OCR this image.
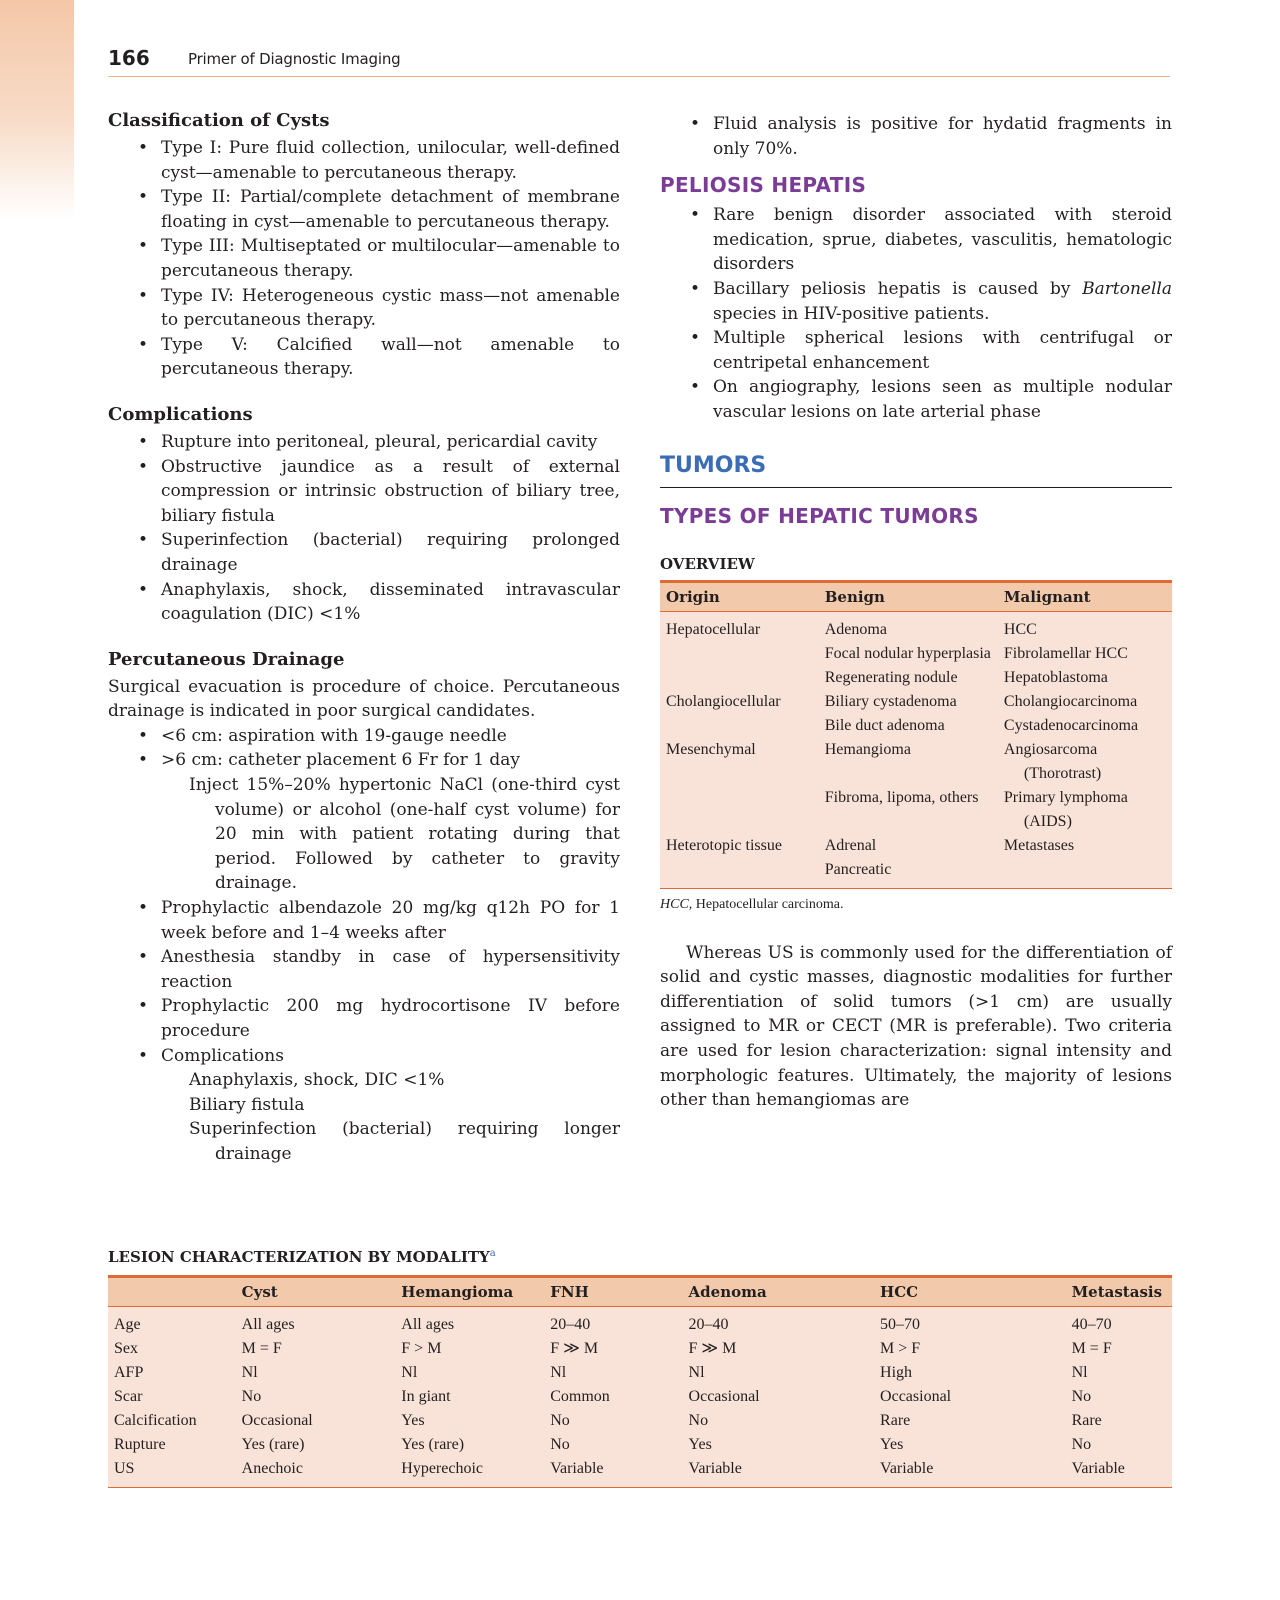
166	Primer of Diagnostic Imaging
Classification of Cysts
• Type I: Pure fluid collection, unilocular, well-defined cyst—amenable to percutaneous therapy.
• Type II: Partial/complete detachment of membrane floating in cyst—amenable to percutaneous therapy.
• Type III: Multiseptated or multilocular—amenable to percutaneous therapy.
• Type IV: Heterogeneous cystic mass—not amenable to percutaneous therapy.
• Type V: Calcified wall—not amenable to percutaneous therapy.
Complications
• Rupture into peritoneal, pleural, pericardial cavity
• Obstructive jaundice as a result of external compression or intrinsic obstruction of biliary tree, biliary fistula
• Superinfection (bacterial) requiring prolonged drainage
• Anaphylaxis, shock, disseminated intravascular coagulation (DIC) <1%
Percutaneous Drainage

Surgical evacuation is procedure of choice. Percutaneous drainage is indicated in poor surgical candidates.

• <6 cm: aspiration with 19-gauge needle
• >6 cm: catheter placement 6 Fr for 1 day
Inject 15%–20% hypertonic NaCl (one-third cyst volume) or alcohol (one-half cyst volume) for 20 min with patient rotating during that period. Followed by catheter to gravity drainage.
• Prophylactic albendazole 20 mg/kg q12h PO for 1 week before and 1–4 weeks after
• Anesthesia standby in case of hypersensitivity reaction
• Prophylactic 200 mg hydrocortisone IV before procedure
• Complications
Anaphylaxis, shock, DIC <1%
Biliary fistula
Superinfection (bacterial) requiring longer drainage
• Fluid analysis is positive for hydatid fragments in only 70%.
PELIOSIS HEPATIS
• Rare benign disorder associated with steroid medication, sprue, diabetes, vasculitis, hematologic disorders
• Bacillary peliosis hepatis is caused by Bartonella species in HIV-positive patients.
• Multiple spherical lesions with centrifugal or centripetal enhancement
• On angiography, lesions seen as multiple nodular vascular lesions on late arterial phase
TUMORS
TYPES OF HEPATIC TUMORS
OVERVIEW
Origin	Benign	Malignant
Hepatocellular	Adenoma	HCC

	Focal nodular hyperplasia	Fibrolamellar HCC
	Regenerating nodule	Hepatoblastoma
Cholangiocellular	Biliary cystadenoma	Cholangiocarcinoma
	Bile duct adenoma	Cystadenocarcinoma
Mesenchymal	Hemangioma	Angiosarcoma (Thorotrast)

	Fibroma, lipoma, others	Primary lymphoma (AIDS)

Heterotopic tissue	Adrenal	Metastases
	Pancreatic	
HCC, Hepatocellular carcinoma.

Whereas US is commonly used for the differentiation of solid and cystic masses, diagnostic modalities for further differentiation of solid tumors (>1 cm) are usually assigned to MR or CECT (MR is preferable). Two criteria are used for lesion characterization: signal intensity and morphologic features. Ultimately, the majority of lesions other than hemangiomas are

LESION CHARACTERIZATION BY MODALITY$^a$
	Cyst	Hemangioma	FNH	Adenoma	HCC	Metastasis
Age	All ages	All ages	20–40	20–40	50–70	40–70
Sex	M = F	F > M	F ≫ M	F ≫ M	M > F	M = F
AFP	Nl	Nl	Nl	Nl	High	Nl
Scar	No	In giant	Common	Occasional	Occasional	No
Calcification	Occasional	Yes	No	No	Rare	Rare
Rupture	Yes (rare)	Yes (rare)	No	Yes	Yes	No
US	Anechoic	Hyperechoic	Variable	Variable	Variable	Variable
